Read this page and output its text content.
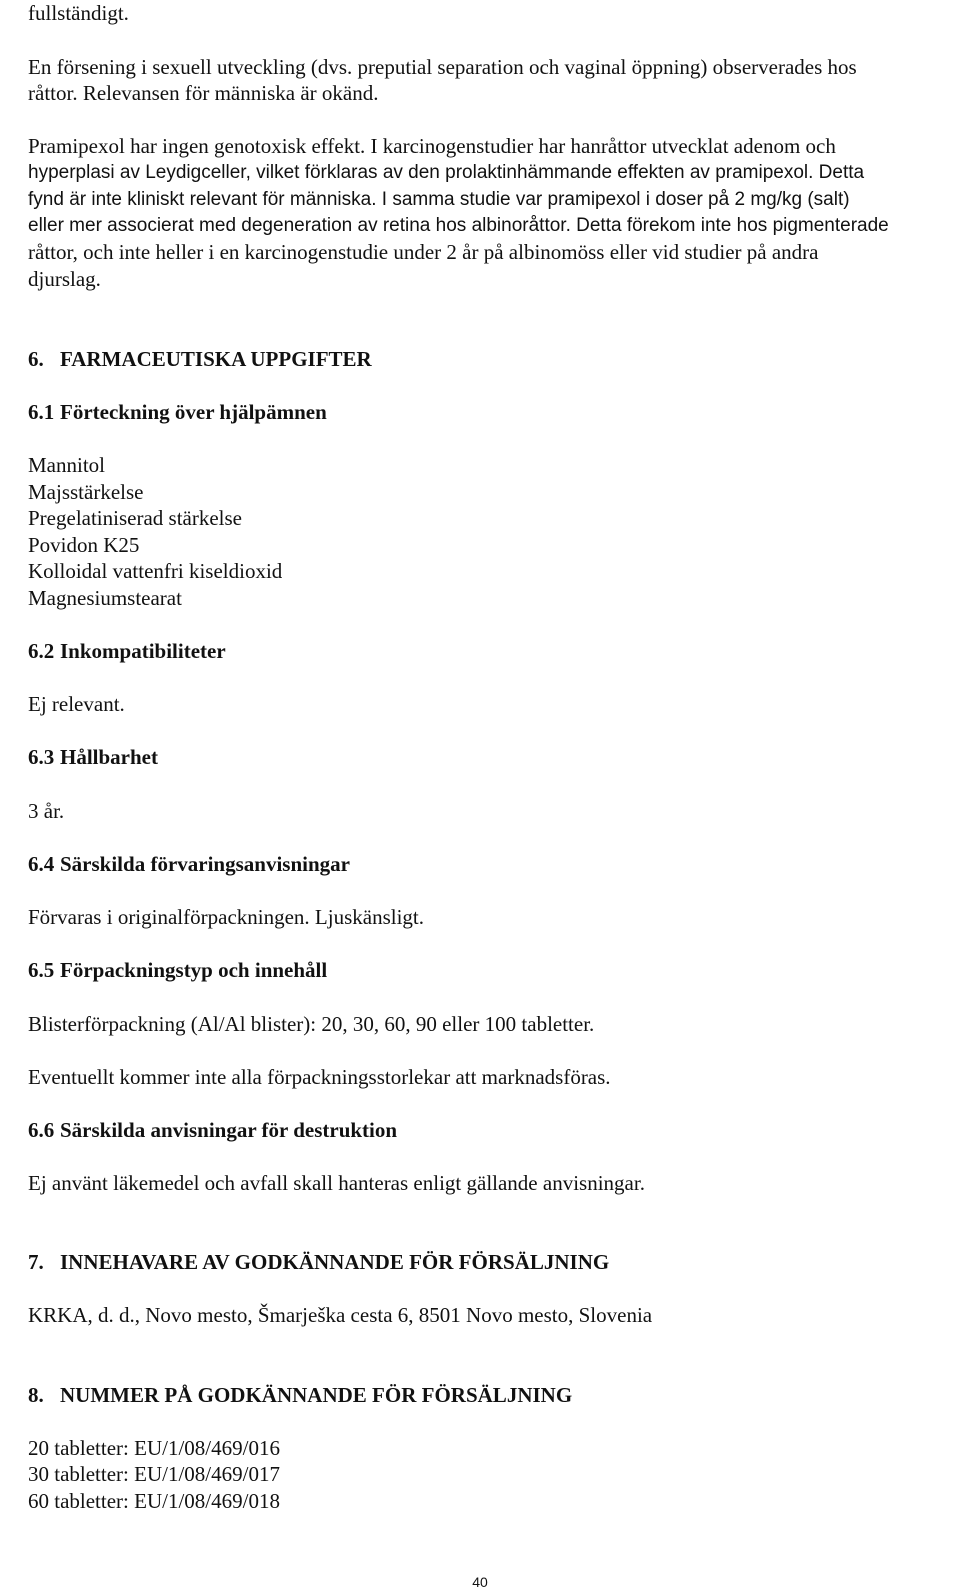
fullständigt.
En försening i sexuell utveckling (dvs. preputial separation och vaginal öppning) observerades hos
råttor. Relevansen för människa är okänd.
Pramipexol har ingen genotoxisk effekt. I karcinogenstudier har hanråttor utvecklat adenom och
hyperplasi av Leydigceller, vilket förklaras av den prolaktinhämmande effekten av pramipexol. Detta
fynd är inte kliniskt relevant för människa. I samma studie var pramipexol i doser på 2 mg/kg (salt)
eller mer associerat med degeneration av retina hos albinoråttor. Detta förekom inte hos pigmenterade
råttor, och inte heller i en karcinogenstudie under 2 år på albinomöss eller vid studier på andra
djurslag.
6. FARMACEUTISKA UPPGIFTER
6.1 Förteckning över hjälpämnen
Mannitol
Majsstärkelse
Pregelatiniserad stärkelse
Povidon K25
Kolloidal vattenfri kiseldioxid
Magnesiumstearat
6.2 Inkompatibiliteter
Ej relevant.
6.3 Hållbarhet
3 år.
6.4 Särskilda förvaringsanvisningar
Förvaras i originalförpackningen. Ljuskänsligt.
6.5 Förpackningstyp och innehåll
Blisterförpackning (Al/Al blister): 20, 30, 60, 90 eller 100 tabletter.
Eventuellt kommer inte alla förpackningsstorlekar att marknadsföras.
6.6 Särskilda anvisningar för destruktion
Ej använt läkemedel och avfall skall hanteras enligt gällande anvisningar.
7. INNEHAVARE AV GODKÄNNANDE FÖR FÖRSÄLJNING
KRKA, d. d., Novo mesto, Šmarješka cesta 6, 8501 Novo mesto, Slovenia
8. NUMMER PÅ GODKÄNNANDE FÖR FÖRSÄLJNING
20 tabletter: EU/1/08/469/016
30 tabletter: EU/1/08/469/017
60 tabletter: EU/1/08/469/018
40
